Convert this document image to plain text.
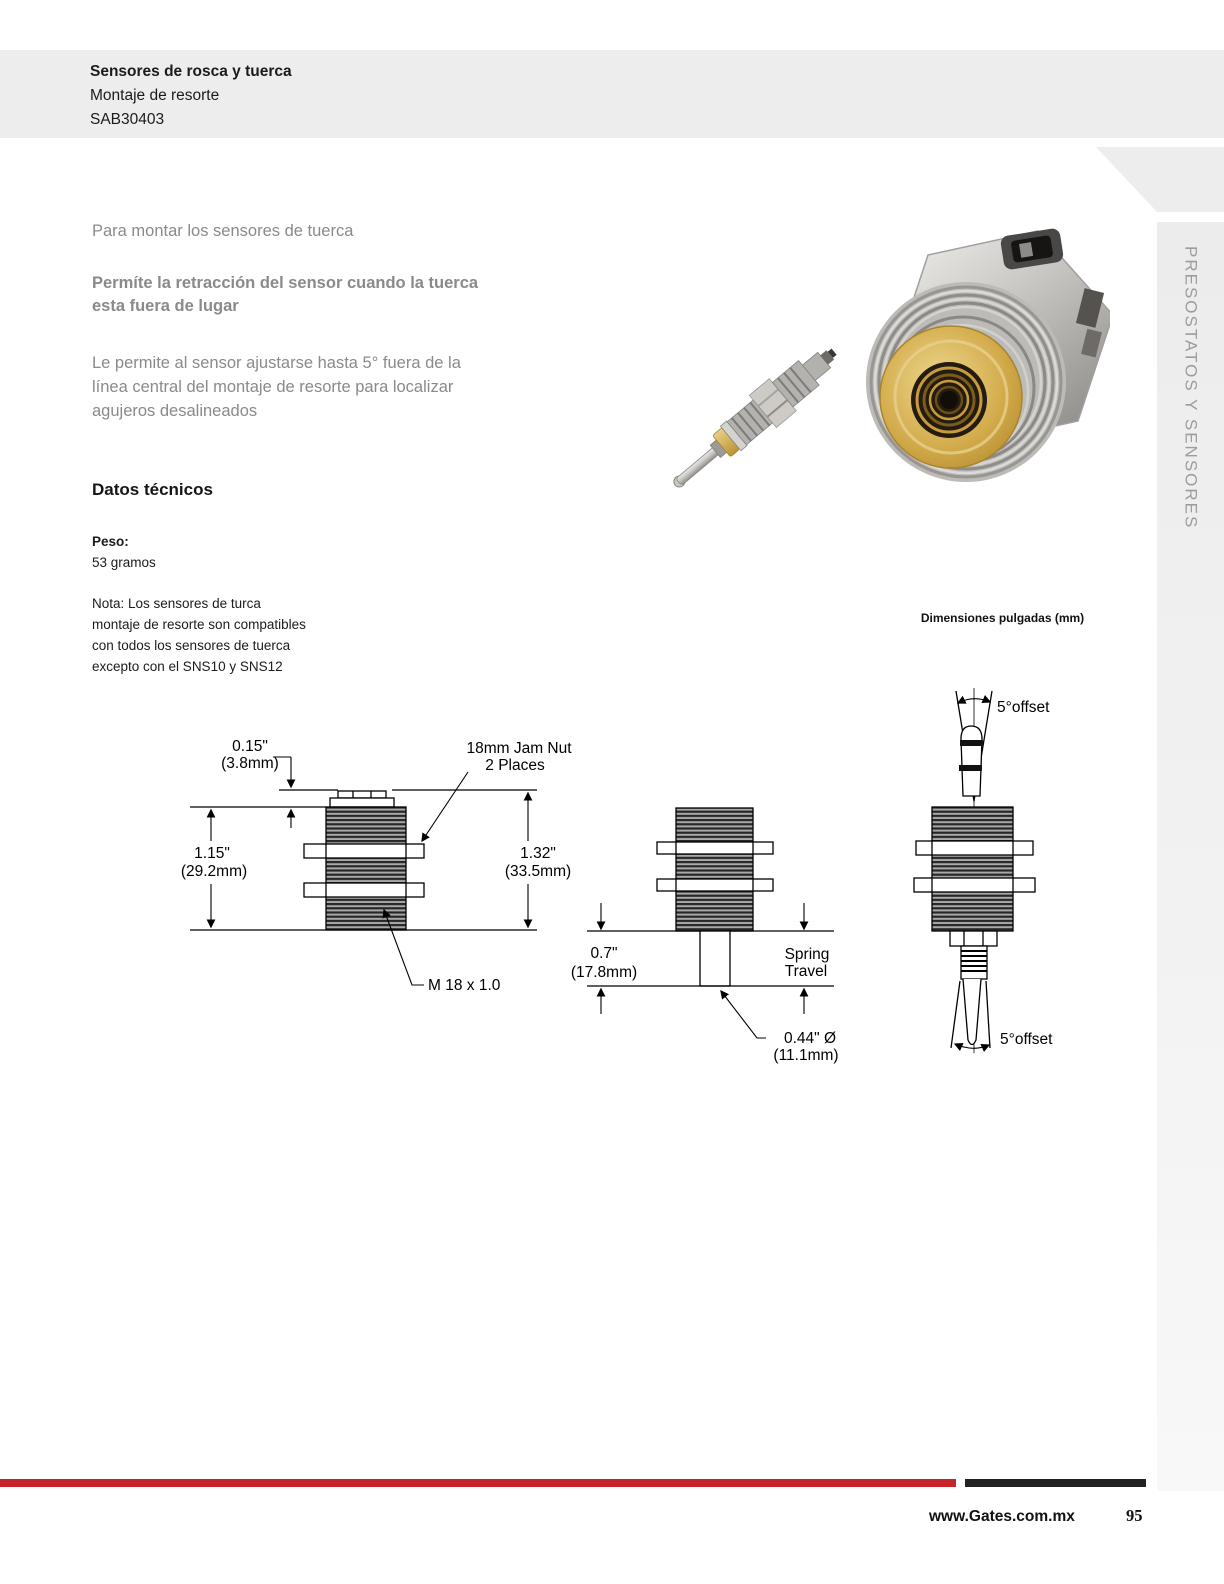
Sensores de rosca y tuerca
Montaje de resorte
SAB30403
PRESOSTATOS Y SENSORES
Para montar los sensores de tuerca
Permíte la retracción del sensor cuando la tuerca
esta fuera de lugar
Le permite al sensor ajustarse hasta 5° fuera de la
línea central del montaje de resorte para localizar
agujeros desalineados
Datos técnicos
Peso:
53 gramos
Nota: Los sensores de turca
montaje de resorte son compatibles
con todos los sensores de tuerca
excepto con el SNS10 y SNS12
Dimensiones pulgadas (mm)
0.15"
(3.8mm)
18mm Jam Nut
2 Places
1.15"
(29.2mm)
1.32"
(33.5mm)
M 18 x 1.0
0.7"
(17.8mm)
Spring
Travel
0.44" Ø
(11.1mm)
5°offset
5°offset
www.Gates.com.mx	95
